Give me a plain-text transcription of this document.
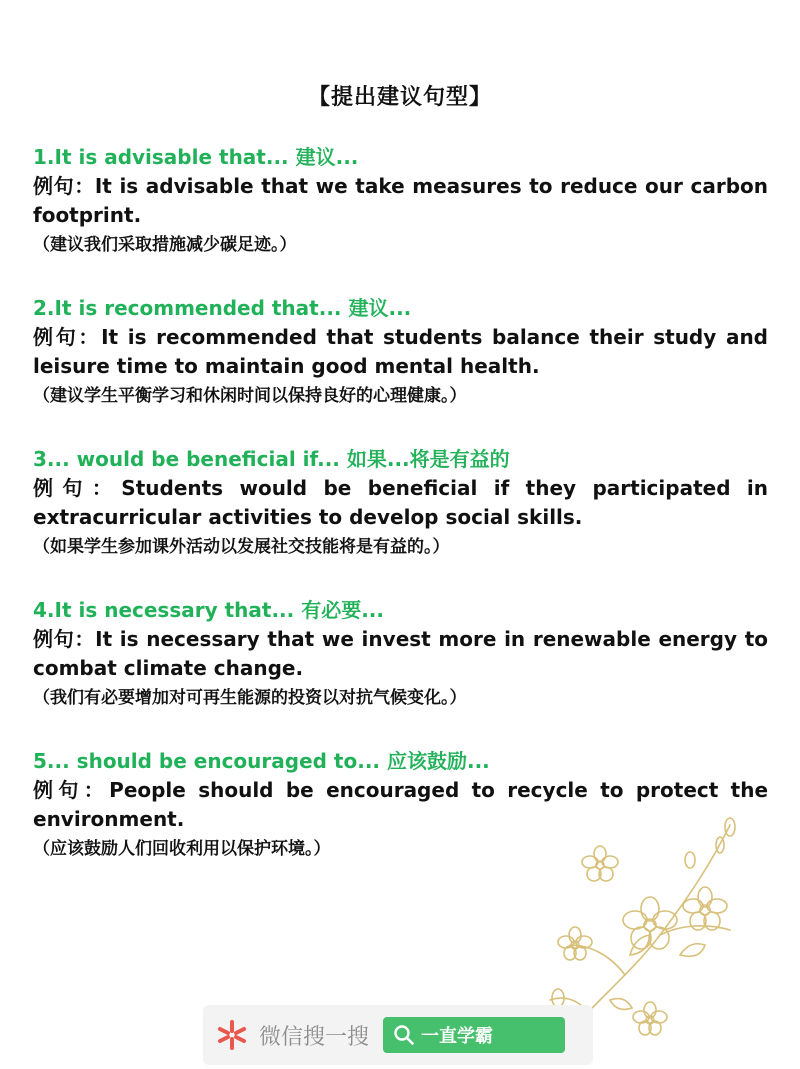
【提出建议句型】
1.It is advisable that... 建议...
例句：It is advisable that we take measures to reduce our carbon footprint.
（建议我们采取措施减少碳足迹。）
2.It is recommended that... 建议...
例句：It is recommended that students balance their study and leisure time to maintain good mental health.
（建议学生平衡学习和休闲时间以保持良好的心理健康。）
3... would be beneficial if... 如果...将是有益的
例句：Students would be beneficial if they participated in extracurricular activities to develop social skills.
（如果学生参加课外活动以发展社交技能将是有益的。）
4.It is necessary that... 有必要...
例句：It is necessary that we invest more in renewable energy to combat climate change.
（我们有必要增加对可再生能源的投资以对抗气候变化。）
5... should be encouraged to... 应该鼓励...
例句：People should be encouraged to recycle to protect the environment.
（应该鼓励人们回收利用以保护环境。）
微信搜一搜	一直学霸
